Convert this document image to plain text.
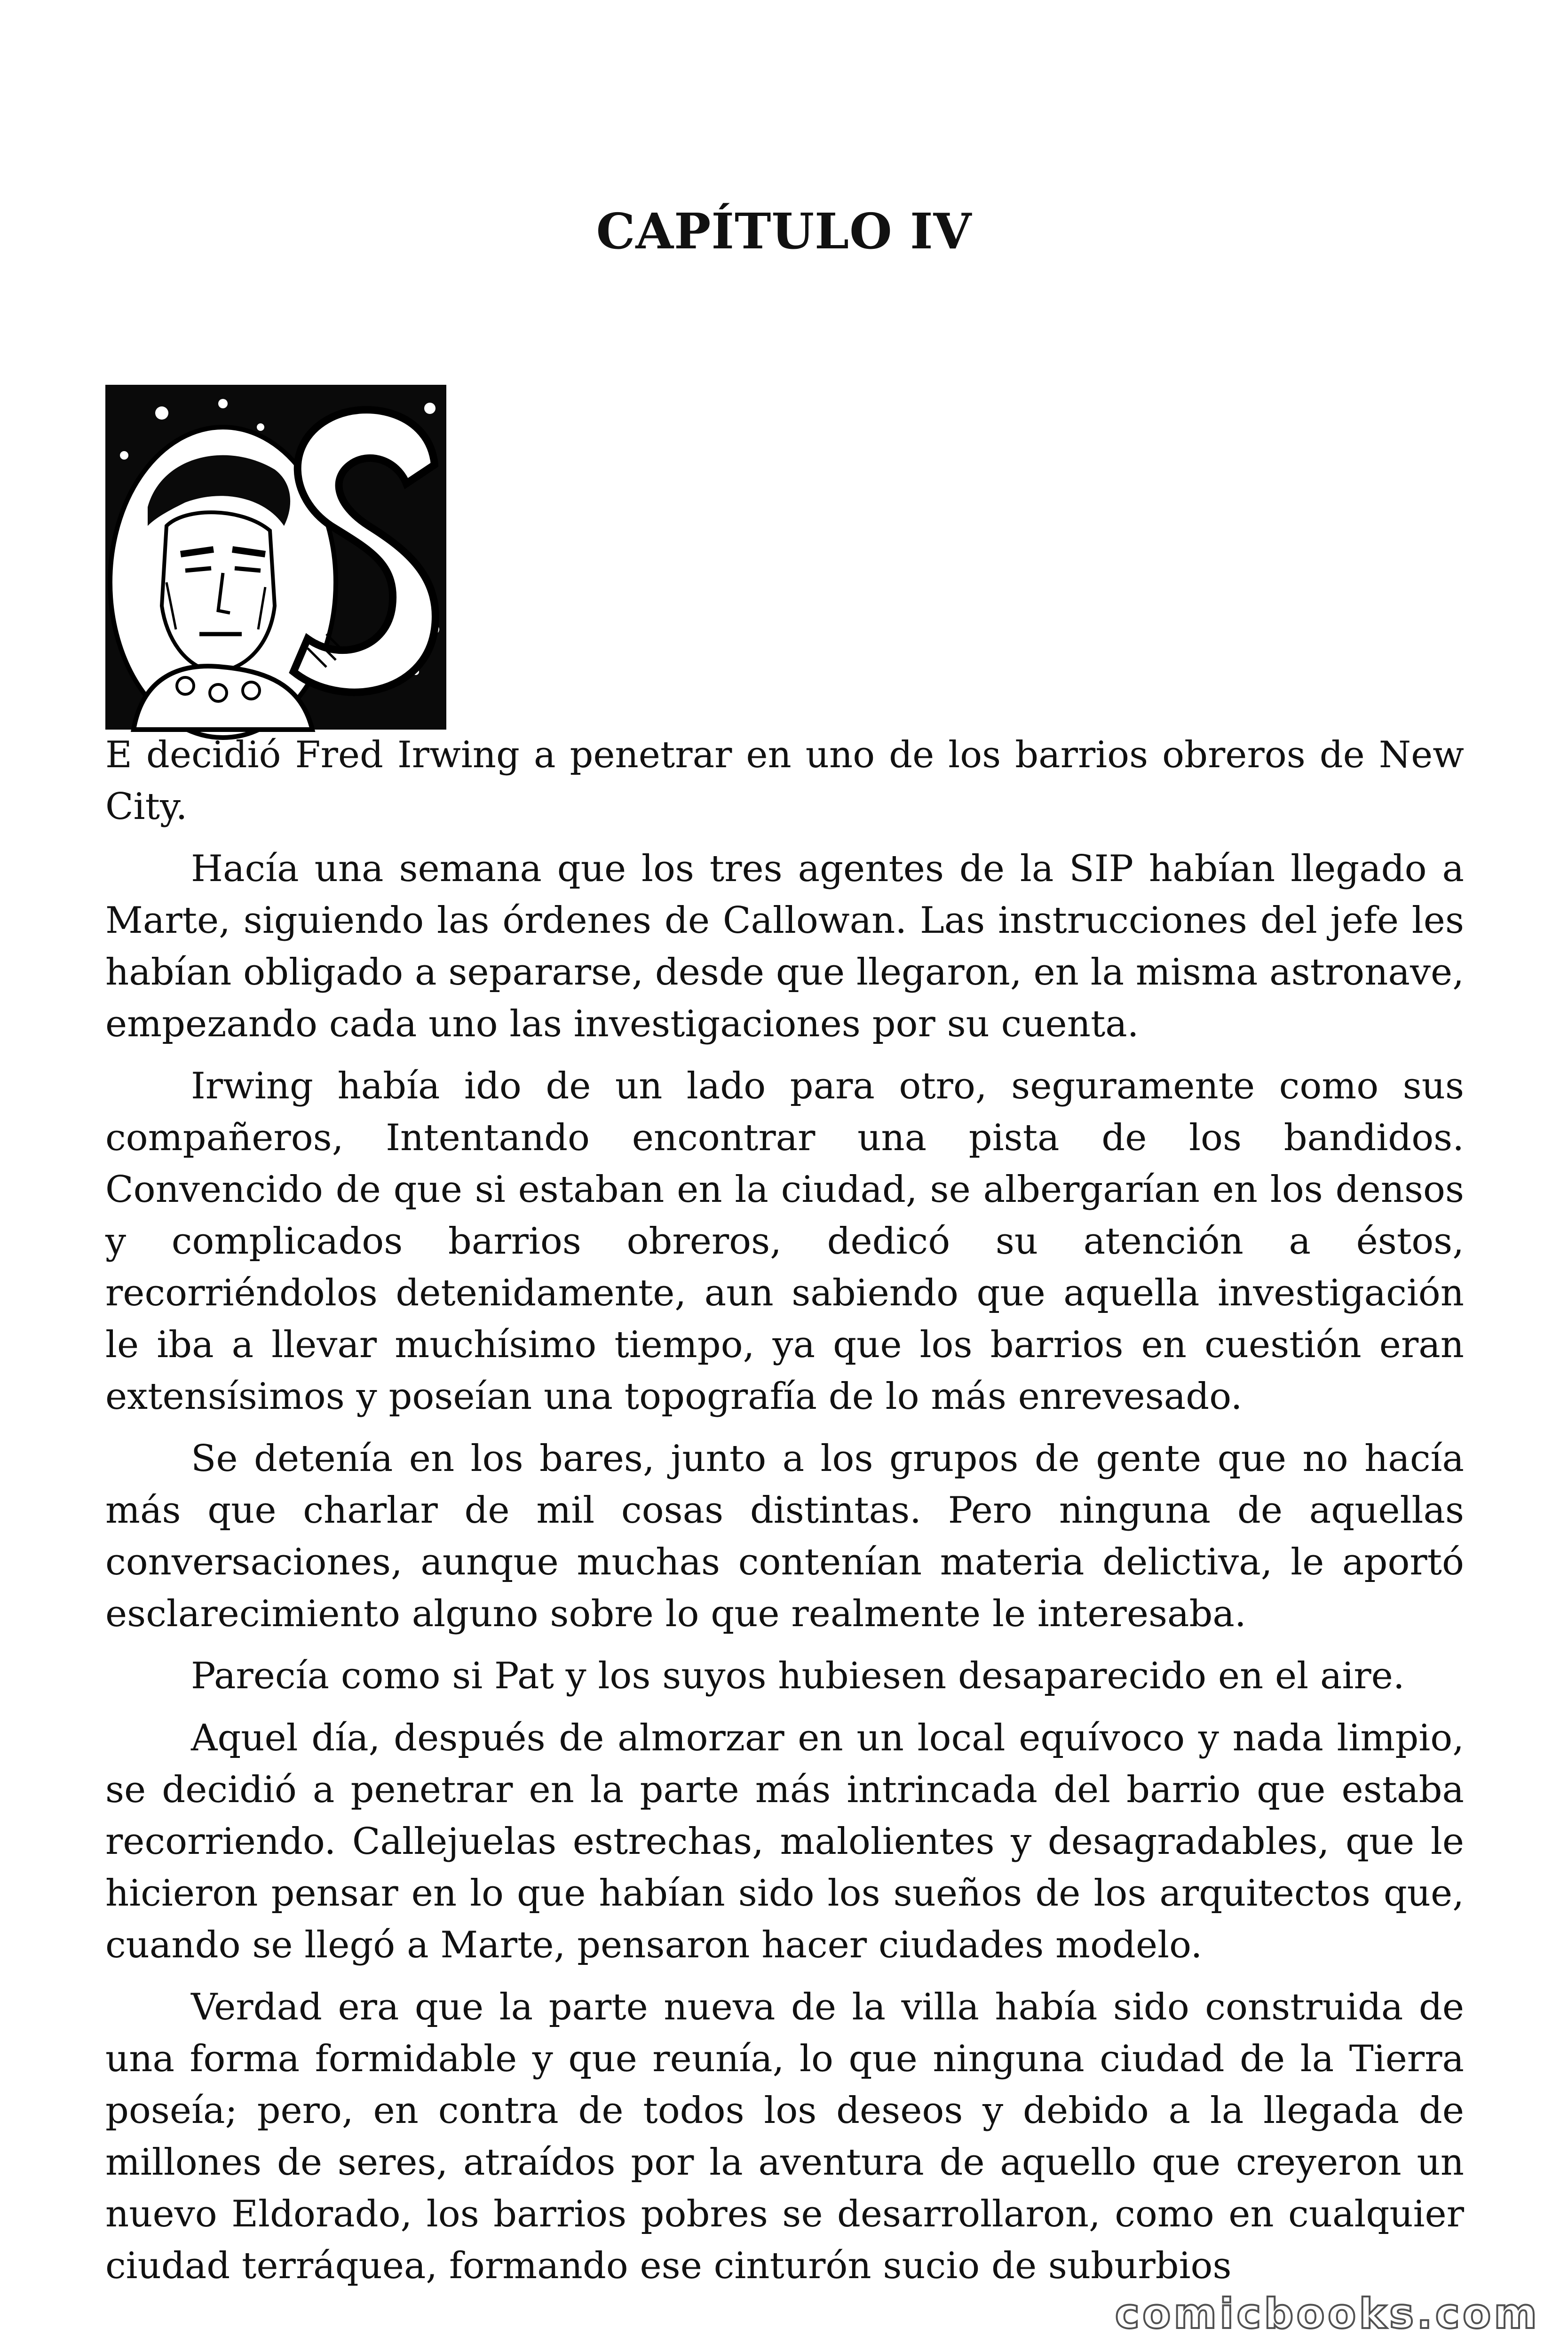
CAPÍTULO IV

E decidió Fred Irwing a penetrar en uno de los barrios obreros de New City.

Hacía una semana que los tres agentes de la SIP habían llegado a Marte, siguiendo las órdenes de Callowan. Las instrucciones del jefe les habían obligado a separarse, desde que llegaron, en la misma astronave, empezando cada uno las investigaciones por su cuenta.

Irwing había ido de un lado para otro, seguramente como sus compañeros, Intentando encontrar una pista de los bandidos. Convencido de que si estaban en la ciudad, se albergarían en los densos y complicados barrios obreros, dedicó su atención a éstos, recorriéndolos detenidamente, aun sabiendo que aquella investigación le iba a llevar muchísimo tiempo, ya que los barrios en cuestión eran extensísimos y poseían una topografía de lo más enrevesado.

Se detenía en los bares, junto a los grupos de gente que no hacía más que charlar de mil cosas distintas. Pero ninguna de aquellas conversaciones, aunque muchas contenían materia delictiva, le aportó esclarecimiento alguno sobre lo que realmente le interesaba.

Parecía como si Pat y los suyos hubiesen desaparecido en el aire.

Aquel día, después de almorzar en un local equívoco y nada limpio, se decidió a penetrar en la parte más intrincada del barrio que estaba recorriendo. Callejuelas estrechas, malolientes y desagradables, que le hicieron pensar en lo que habían sido los sueños de los arquitectos que, cuando se llegó a Marte, pensaron hacer ciudades modelo.

Verdad era que la parte nueva de la villa había sido construida de una forma formidable y que reunía, lo que ninguna ciudad de la Tierra poseía; pero, en contra de todos los deseos y debido a la llegada de millones de seres, atraídos por la aventura de aquello que creyeron un nuevo Eldorado, los barrios pobres se desarrollaron, como en cualquier ciudad terráquea, formando ese cinturón sucio de suburbios

comicbooks.com
